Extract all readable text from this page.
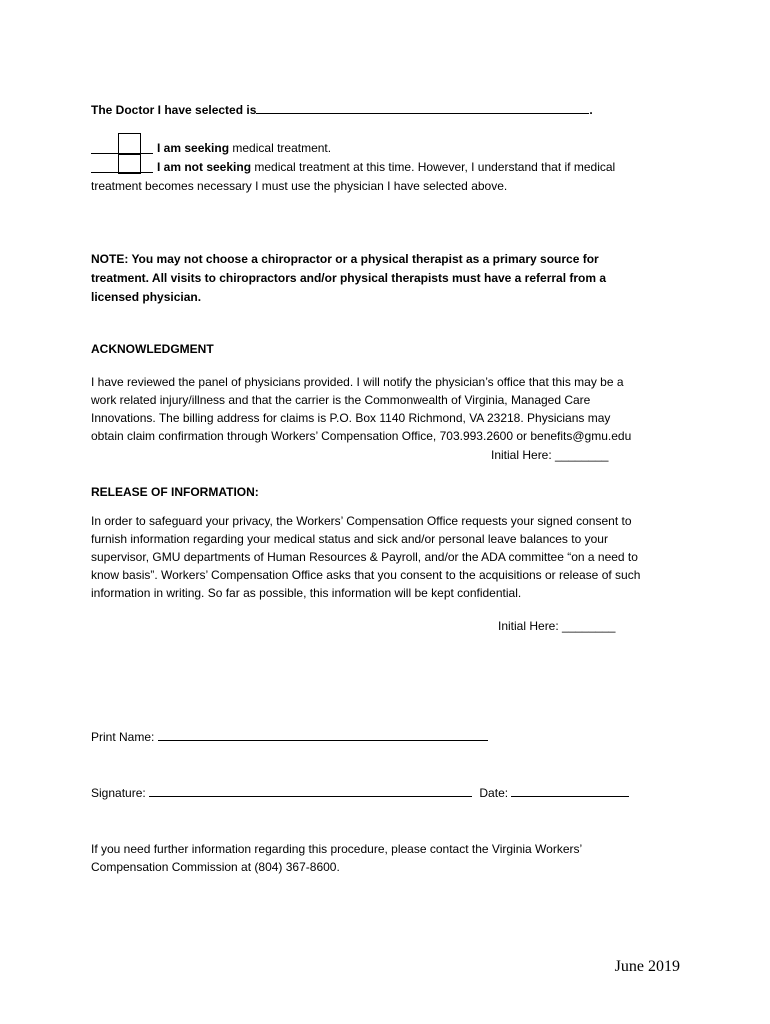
The Doctor I have selected is	.
I am seeking medical treatment.
I am not seeking medical treatment at this time. However, I understand that if medical
treatment becomes necessary I must use the physician I have selected above.
NOTE: You may not choose a chiropractor or a physical therapist as a primary source for
treatment. All visits to chiropractors and/or physical therapists must have a referral from a
licensed physician.
ACKNOWLEDGMENT
I have reviewed the panel of physicians provided. I will notify the physician’s office that this may be a
work related injury/illness and that the carrier is the Commonwealth of Virginia, Managed Care
Innovations. The billing address for claims is P.O. Box 1140 Richmond, VA 23218. Physicians may
obtain claim confirmation through Workers’ Compensation Office, 703.993.2600 or benefits@gmu.edu
Initial Here: ________
RELEASE OF INFORMATION:
In order to safeguard your privacy, the Workers’ Compensation Office requests your signed consent to
furnish information regarding your medical status and sick and/or personal leave balances to your
supervisor, GMU departments of Human Resources & Payroll, and/or the ADA committee “on a need to
know basis”. Workers’ Compensation Office asks that you consent to the acquisitions or release of such
information in writing. So far as possible, this information will be kept confidential.
Initial Here: ________
Print Name:
Signature:	Date:
If you need further information regarding this procedure, please contact the Virginia Workers’
Compensation Commission at (804) 367-8600.
June 2019
